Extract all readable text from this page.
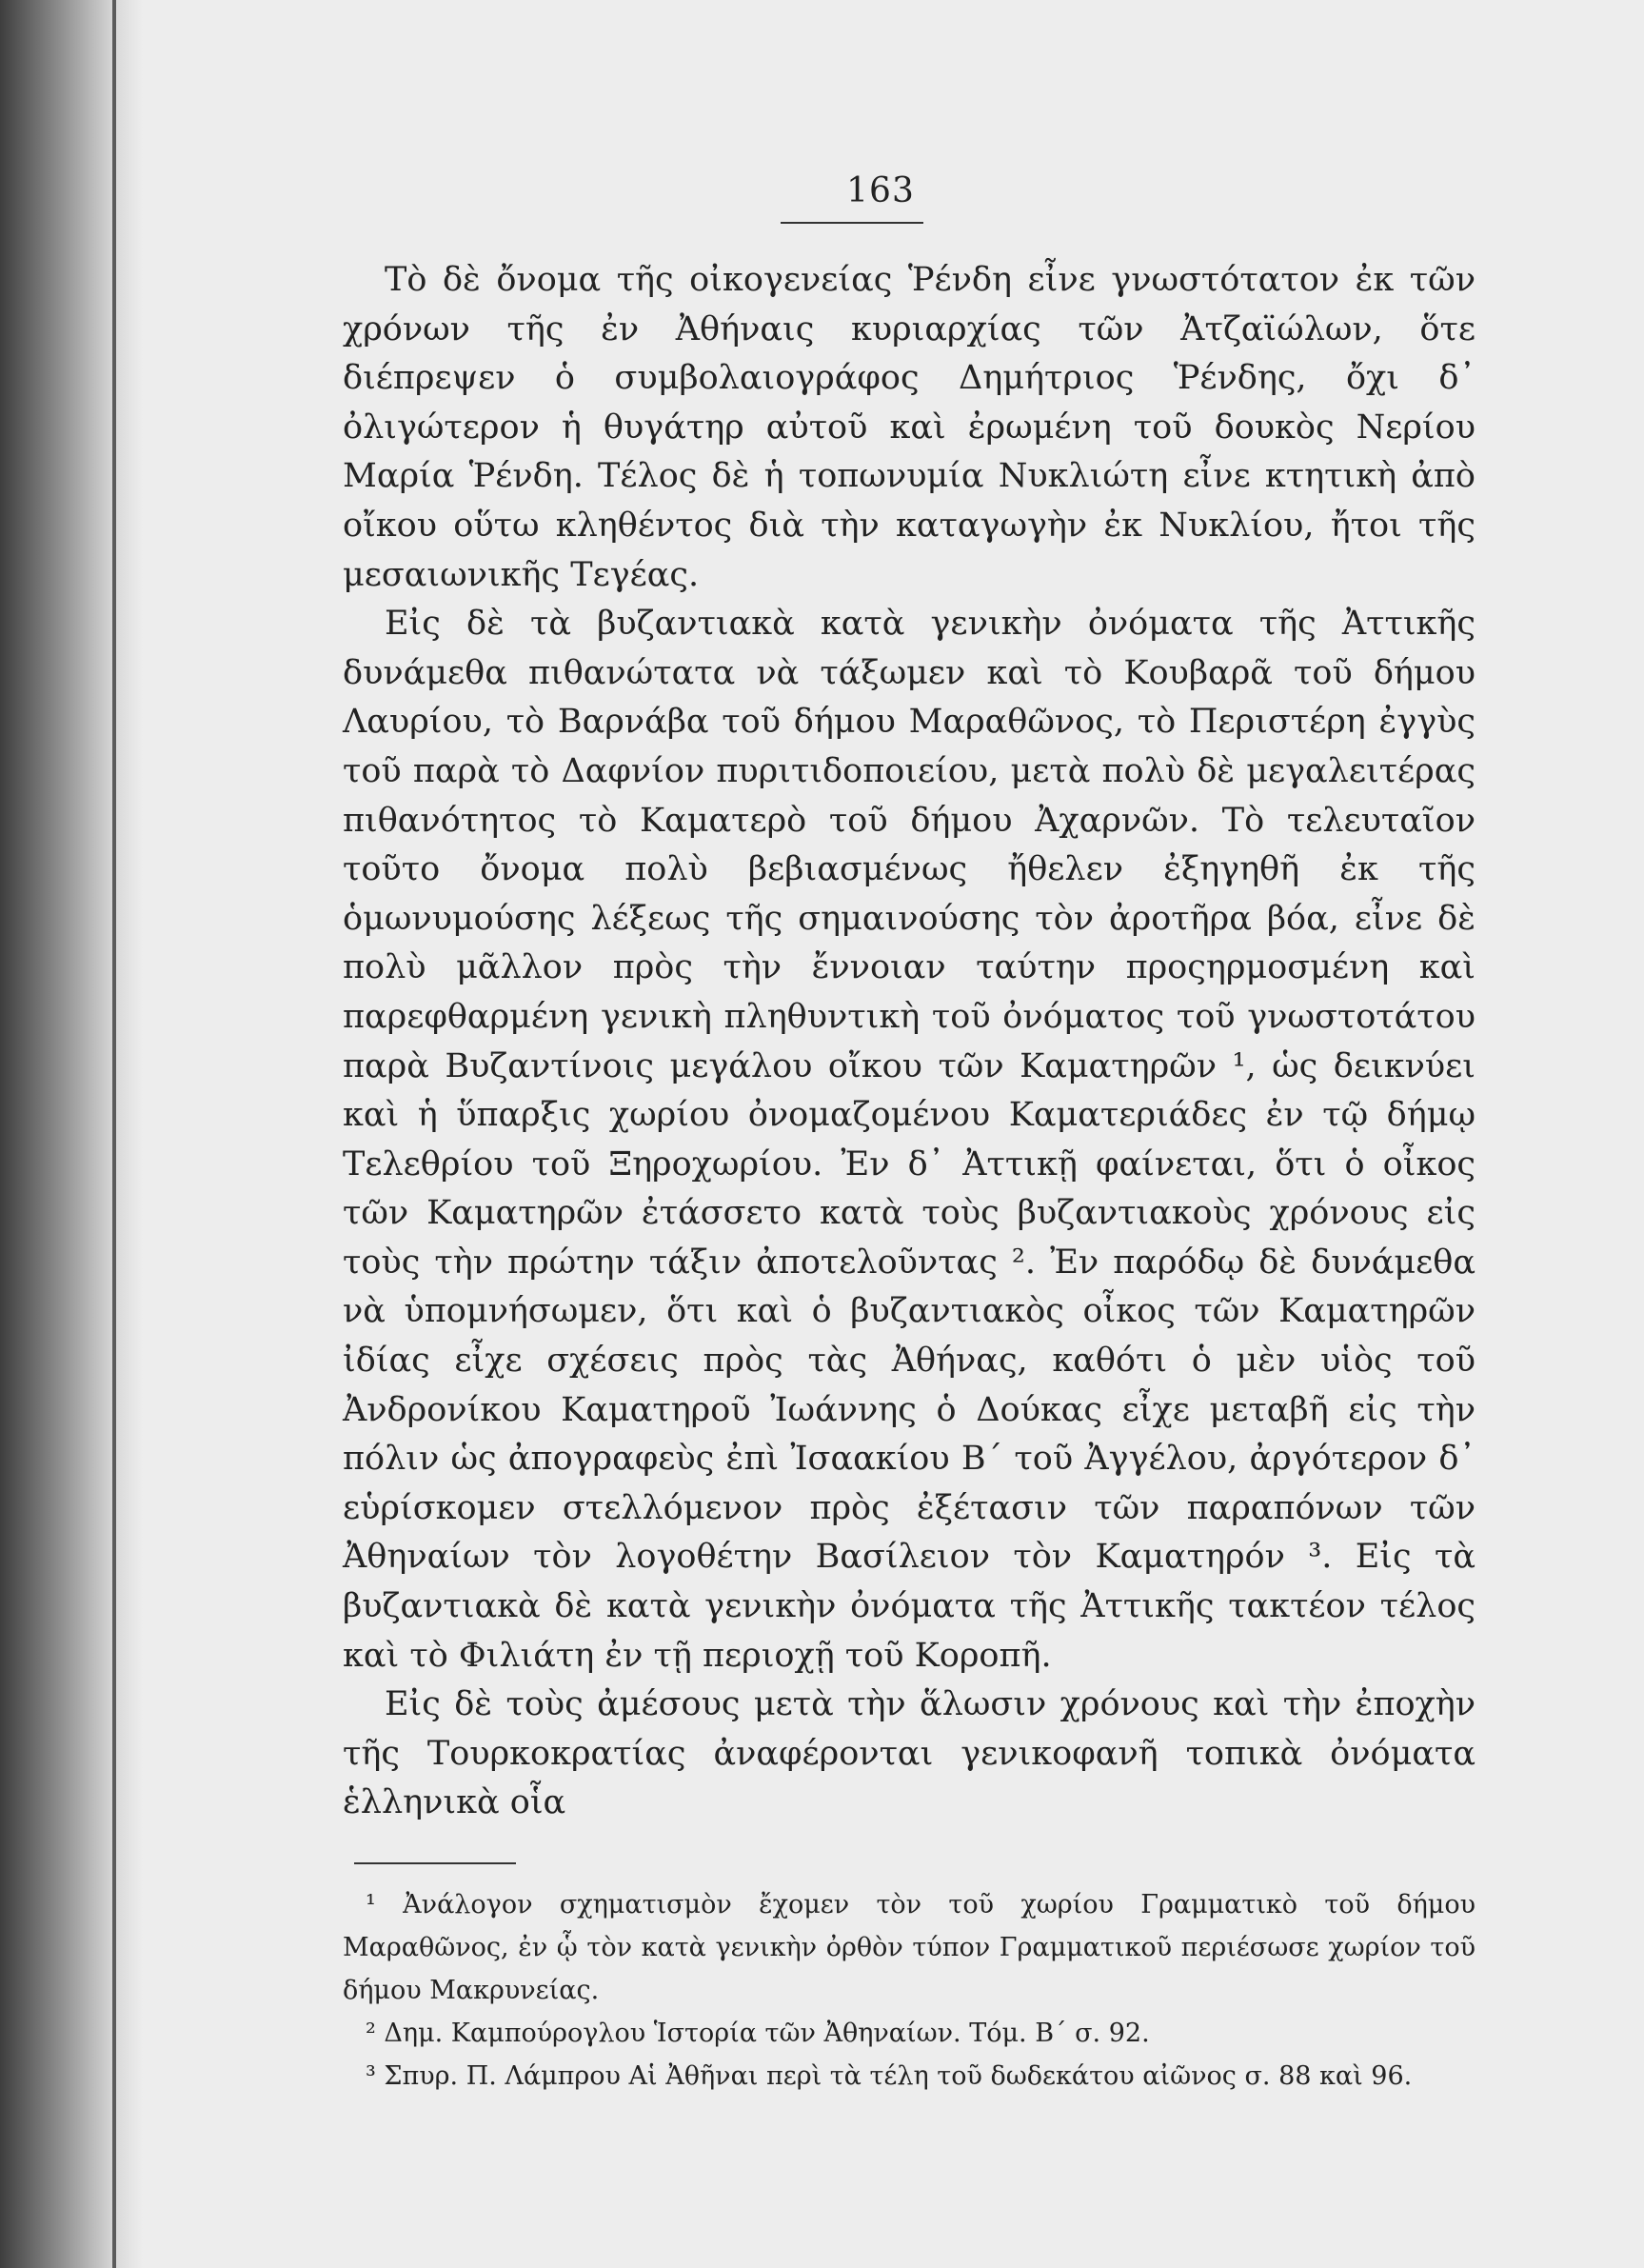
163

Τὸ δὲ ὄνομα τῆς οἰκογενείας Ῥένδη εἶνε γνωστότατον ἐκ τῶν χρόνων τῆς ἐν Ἀθήναις κυριαρχίας τῶν Ἀτζαϊώλων, ὅτε διέπρεψεν ὁ συμβολαιογράφος Δημήτριος Ῥένδης, ὄχι δ᾽ ὀλιγώτερον ἡ θυγάτηρ αὐτοῦ καὶ ἐρωμένη τοῦ δουκὸς Νερίου Μαρία Ῥένδη. Τέλος δὲ ἡ τοπωνυμία Νυκλιώτη εἶνε κτητικὴ ἀπὸ οἴκου οὕτω κληθέντος διὰ τὴν καταγωγὴν ἐκ Νυκλίου, ἤτοι τῆς μεσαιωνικῆς Τεγέας.

Εἰς δὲ τὰ βυζαντιακὰ κατὰ γενικὴν ὀνόματα τῆς Ἀττικῆς δυνάμεθα πιθανώτατα νὰ τάξωμεν καὶ τὸ Κουβαρᾶ τοῦ δήμου Λαυρίου, τὸ Βαρνάβα τοῦ δήμου Μαραθῶνος, τὸ Περιστέρη ἐγγὺς τοῦ παρὰ τὸ Δαφνίον πυριτιδοποιείου, μετὰ πολὺ δὲ μεγαλειτέρας πιθανότητος τὸ Καματερὸ τοῦ δήμου Ἀχαρνῶν. Τὸ τελευταῖον τοῦτο ὄνομα πολὺ βεβιασμένως ἤθελεν ἐξηγηθῆ ἐκ τῆς ὁμωνυμούσης λέξεως τῆς σημαινούσης τὸν ἀροτῆρα βόα, εἶνε δὲ πολὺ μᾶλλον πρὸς τὴν ἔννοιαν ταύτην προςηρμοσμένη καὶ παρεφθαρμένη γενικὴ πληθυντικὴ τοῦ ὀνόματος τοῦ γνωστοτάτου παρὰ Βυζαντίνοις μεγάλου οἴκου τῶν Καματηρῶν ¹, ὡς δεικνύει καὶ ἡ ὕπαρξις χωρίου ὀνομαζομένου Καματεριάδες ἐν τῷ δήμῳ Τελεθρίου τοῦ Ξηροχωρίου. Ἐν δ᾽ Ἀττικῇ φαίνεται, ὅτι ὁ οἶκος τῶν Καματηρῶν ἐτάσσετο κατὰ τοὺς βυζαντιακοὺς χρόνους εἰς τοὺς τὴν πρώτην τάξιν ἀποτελοῦντας ². Ἐν παρόδῳ δὲ δυνάμεθα νὰ ὑπομνήσωμεν, ὅτι καὶ ὁ βυζαντιακὸς οἶκος τῶν Καματηρῶν ἰδίας εἶχε σχέσεις πρὸς τὰς Ἀθήνας, καθότι ὁ μὲν υἱὸς τοῦ Ἀνδρονίκου Καματηροῦ Ἰωάννης ὁ Δούκας εἶχε μεταβῆ εἰς τὴν πόλιν ὡς ἀπογραφεὺς ἐπὶ Ἰσαακίου Β΄ τοῦ Ἀγγέλου, ἀργότερον δ᾽ εὑρίσκομεν στελλόμενον πρὸς ἐξέτασιν τῶν παραπόνων τῶν Ἀθηναίων τὸν λογοθέτην Βασίλειον τὸν Καματηρόν ³. Εἰς τὰ βυζαντιακὰ δὲ κατὰ γενικὴν ὀνόματα τῆς Ἀττικῆς τακτέον τέλος καὶ τὸ Φιλιάτη ἐν τῇ περιοχῇ τοῦ Κοροπῆ.

Εἰς δὲ τοὺς ἀμέσους μετὰ τὴν ἅλωσιν χρόνους καὶ τὴν ἐποχὴν τῆς Τουρκοκρατίας ἀναφέρονται γενικοφανῆ τοπικὰ ὀνόματα ἑλληνικὰ οἷα

¹ Ἀνάλογον σχηματισμὸν ἔχομεν τὸν τοῦ χωρίου Γραμματικὸ τοῦ δήμου Μαραθῶνος, ἐν ᾧ τὸν κατὰ γενικὴν ὀρθὸν τύπον Γραμματικοῦ περιέσωσε χωρίον τοῦ δήμου Μακρυνείας.

² Δημ. Καμπούρογλου Ἱστορία τῶν Ἀθηναίων. Τόμ. Β΄ σ. 92.

³ Σπυρ. Π. Λάμπρου Αἱ Ἀθῆναι περὶ τὰ τέλη τοῦ δωδεκάτου αἰῶνος σ. 88 καὶ 96.
